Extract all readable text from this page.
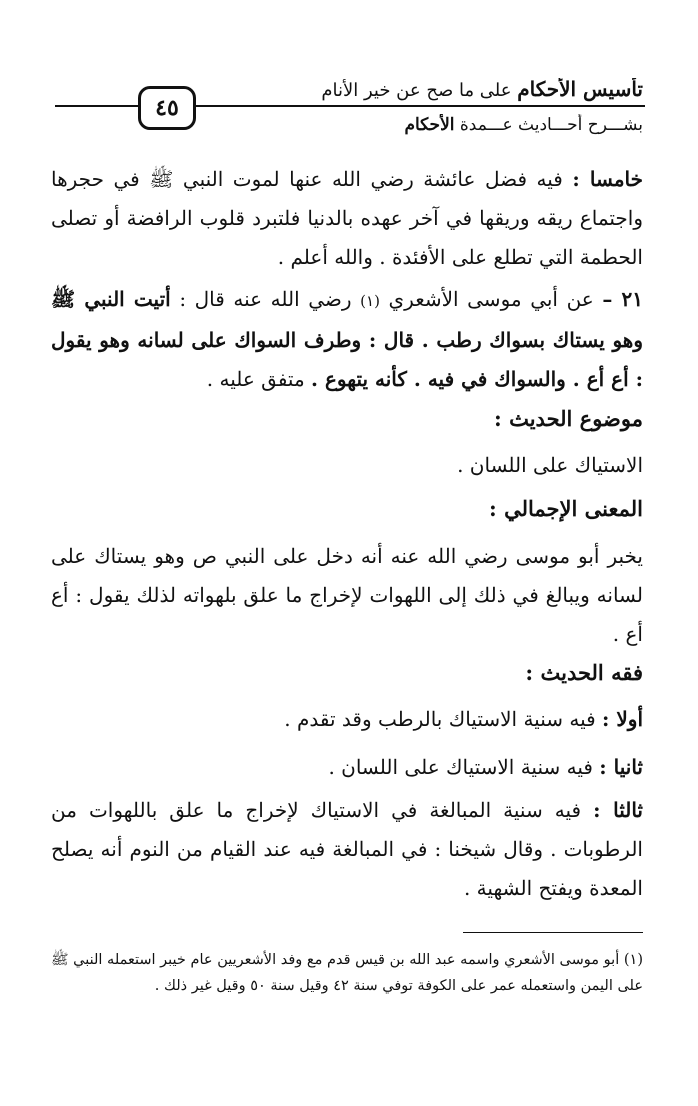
تأسيس الأحكام على ما صح عن خير الأنام
٤٥
بشـــرح أحـــاديث عـــمدة الأحكام
خامسا : فيه فضل عائشة رضي الله عنها لموت النبي ﷺ في حجرها واجتماع ريقه وريقها في آخر عهده بالدنيا فلتبرد قلوب الرافضة أو تصلى الحطمة التي تطلع على الأفئدة . والله أعلم .
٢١ – عن أبي موسى الأشعري (١) رضي الله عنه قال : أتيت النبي ﷺ وهو يستاك بسواك رطب . قال : وطرف السواك على لسانه وهو يقول : أع أع . والسواك في فيه . كأنه يتهوع . متفق عليه .
موضوع الحديث :
الاستياك على اللسان .
المعنى الإجمالي :
يخبر أبو موسى رضي الله عنه أنه دخل على النبي ص وهو يستاك على لسانه ويبالغ في ذلك إلى اللهوات لإخراج ما علق بلهواته لذلك يقول : أع أع .
فقه الحديث :
أولا : فيه سنية الاستياك بالرطب وقد تقدم .
ثانيا : فيه سنية الاستياك على اللسان .
ثالثا : فيه سنية المبالغة في الاستياك لإخراج ما علق باللهوات من الرطوبات . وقال شيخنا : في المبالغة فيه عند القيام من النوم أنه يصلح المعدة ويفتح الشهية .
(١) أبو موسى الأشعري واسمه عبد الله بن قيس قدم مع وفد الأشعريين عام خيبر استعمله النبي ﷺ على اليمن واستعمله عمر على الكوفة توفي سنة ٤٢ وقيل سنة ٥٠ وقيل غير ذلك .
